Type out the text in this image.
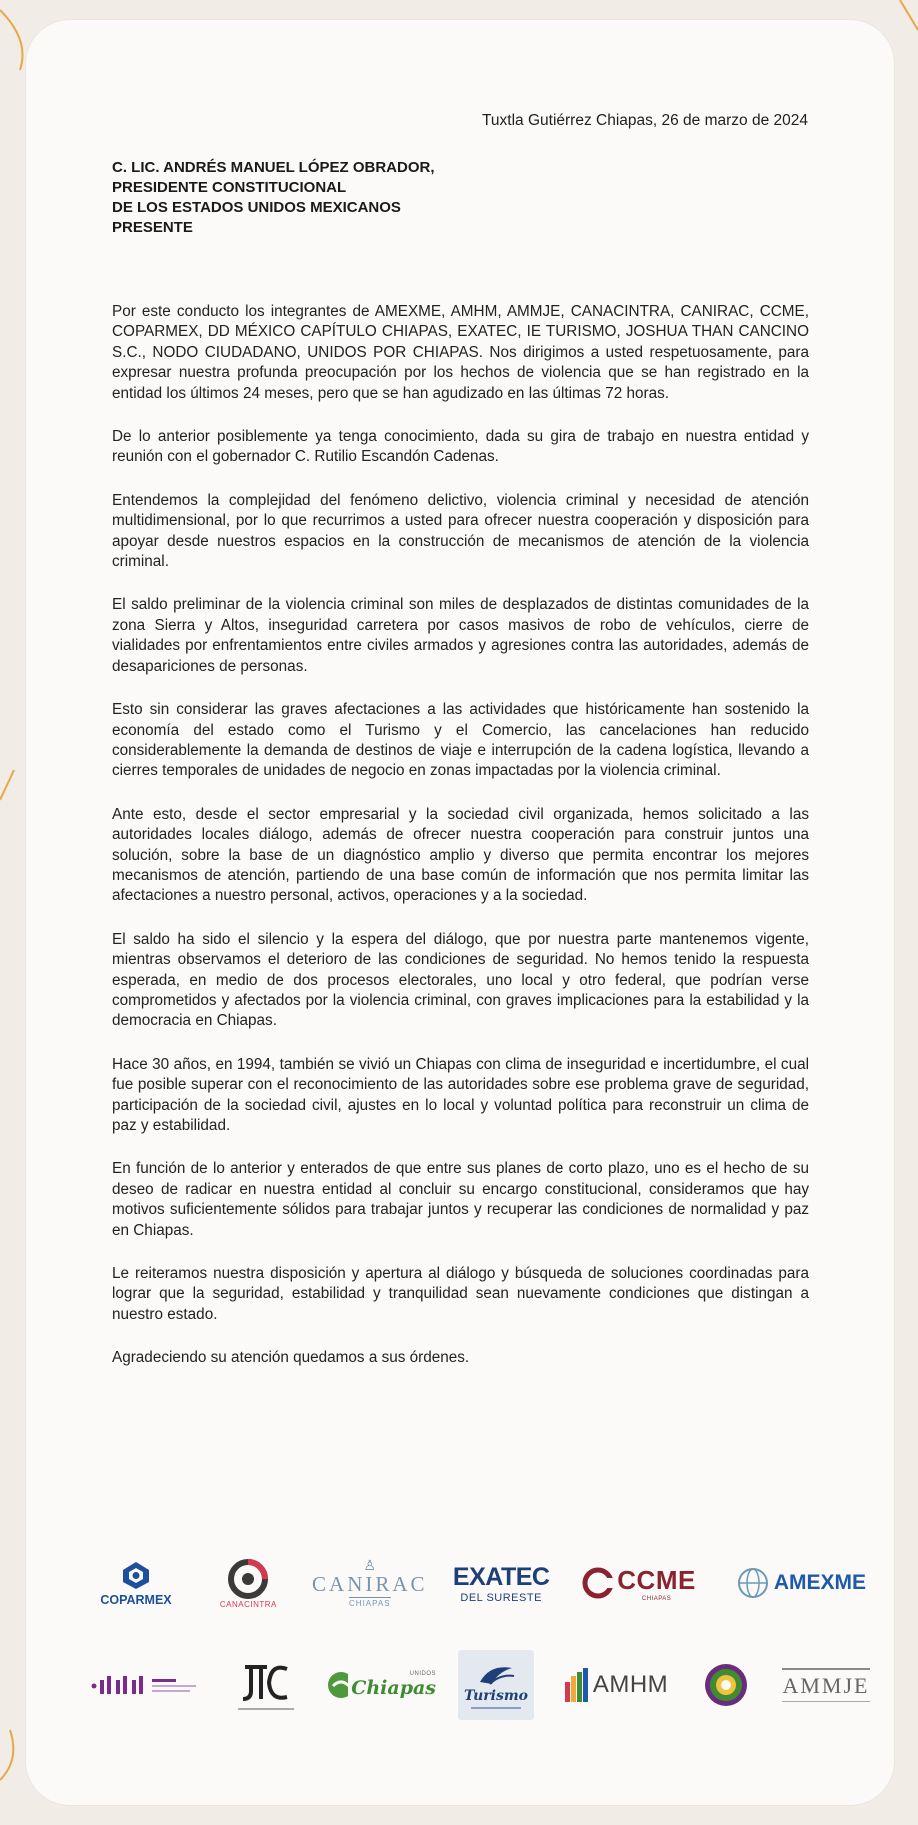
Tuxtla Gutiérrez Chiapas, 26 de marzo de 2024
C. LIC. ANDRÉS MANUEL LÓPEZ OBRADOR,
PRESIDENTE CONSTITUCIONAL
DE LOS ESTADOS UNIDOS MEXICANOS
PRESENTE

Por este conducto los integrantes de AMEXME, AMHM, AMMJE, CANACINTRA, CANIRAC, CCME, COPARMEX, DD MÉXICO CAPÍTULO CHIAPAS, EXATEC, IE TURISMO, JOSHUA THAN CANCINO S.C., NODO CIUDADANO, UNIDOS POR CHIAPAS. Nos dirigimos a usted respetuosamente, para expresar nuestra profunda preocupación por los hechos de violencia que se han registrado en la entidad los últimos 24 meses, pero que se han agudizado en las últimas 72 horas.

De lo anterior posiblemente ya tenga conocimiento, dada su gira de trabajo en nuestra entidad y reunión con el gobernador C. Rutilio Escandón Cadenas.

Entendemos la complejidad del fenómeno delictivo, violencia criminal y necesidad de atención multidimensional, por lo que recurrimos a usted para ofrecer nuestra cooperación y disposición para apoyar desde nuestros espacios en la construcción de mecanismos de atención de la violencia criminal.

El saldo preliminar de la violencia criminal son miles de desplazados de distintas comunidades de la zona Sierra y Altos, inseguridad carretera por casos masivos de robo de vehículos, cierre de vialidades por enfrentamientos entre civiles armados y agresiones contra las autoridades, además de desapariciones de personas.

Esto sin considerar las graves afectaciones a las actividades que históricamente han sostenido la economía del estado como el Turismo y el Comercio, las cancelaciones han reducido considerablemente la demanda de destinos de viaje e interrupción de la cadena logística, llevando a cierres temporales de unidades de negocio en zonas impactadas por la violencia criminal.

Ante esto, desde el sector empresarial y la sociedad civil organizada, hemos solicitado a las autoridades locales diálogo, además de ofrecer nuestra cooperación para construir juntos una solución, sobre la base de un diagnóstico amplio y diverso que permita encontrar los mejores mecanismos de atención, partiendo de una base común de información que nos permita limitar las afectaciones a nuestro personal, activos, operaciones y a la sociedad.

El saldo ha sido el silencio y la espera del diálogo, que por nuestra parte mantenemos vigente, mientras observamos el deterioro de las condiciones de seguridad. No hemos tenido la respuesta esperada, en medio de dos procesos electorales, uno local y otro federal, que podrían verse comprometidos y afectados por la violencia criminal, con graves implicaciones para la estabilidad y la democracia en Chiapas.

Hace 30 años, en 1994, también se vivió un Chiapas con clima de inseguridad e incertidumbre, el cual fue posible superar con el reconocimiento de las autoridades sobre ese problema grave de seguridad, participación de la sociedad civil, ajustes en lo local y voluntad política para reconstruir un clima de paz y estabilidad.

En función de lo anterior y enterados de que entre sus planes de corto plazo, uno es el hecho de su deseo de radicar en nuestra entidad al concluir su encargo constitucional, consideramos que hay motivos suficientemente sólidos para trabajar juntos y recuperar las condiciones de normalidad y paz en Chiapas.

Le reiteramos nuestra disposición y apertura al diálogo y búsqueda de soluciones coordinadas para lograr que la seguridad, estabilidad y tranquilidad sean nuevamente condiciones que distingan a nuestro estado.

Agradeciendo su atención quedamos a sus órdenes.

COPARMEX	CANACINTRA
♙
CANIRAC
CHIAPAS
EXATEC
DEL SURESTE
CCME
CHIAPAS
AMEXME
UNIDOS
Chiapas Turismo	AMHM	AMMJE
